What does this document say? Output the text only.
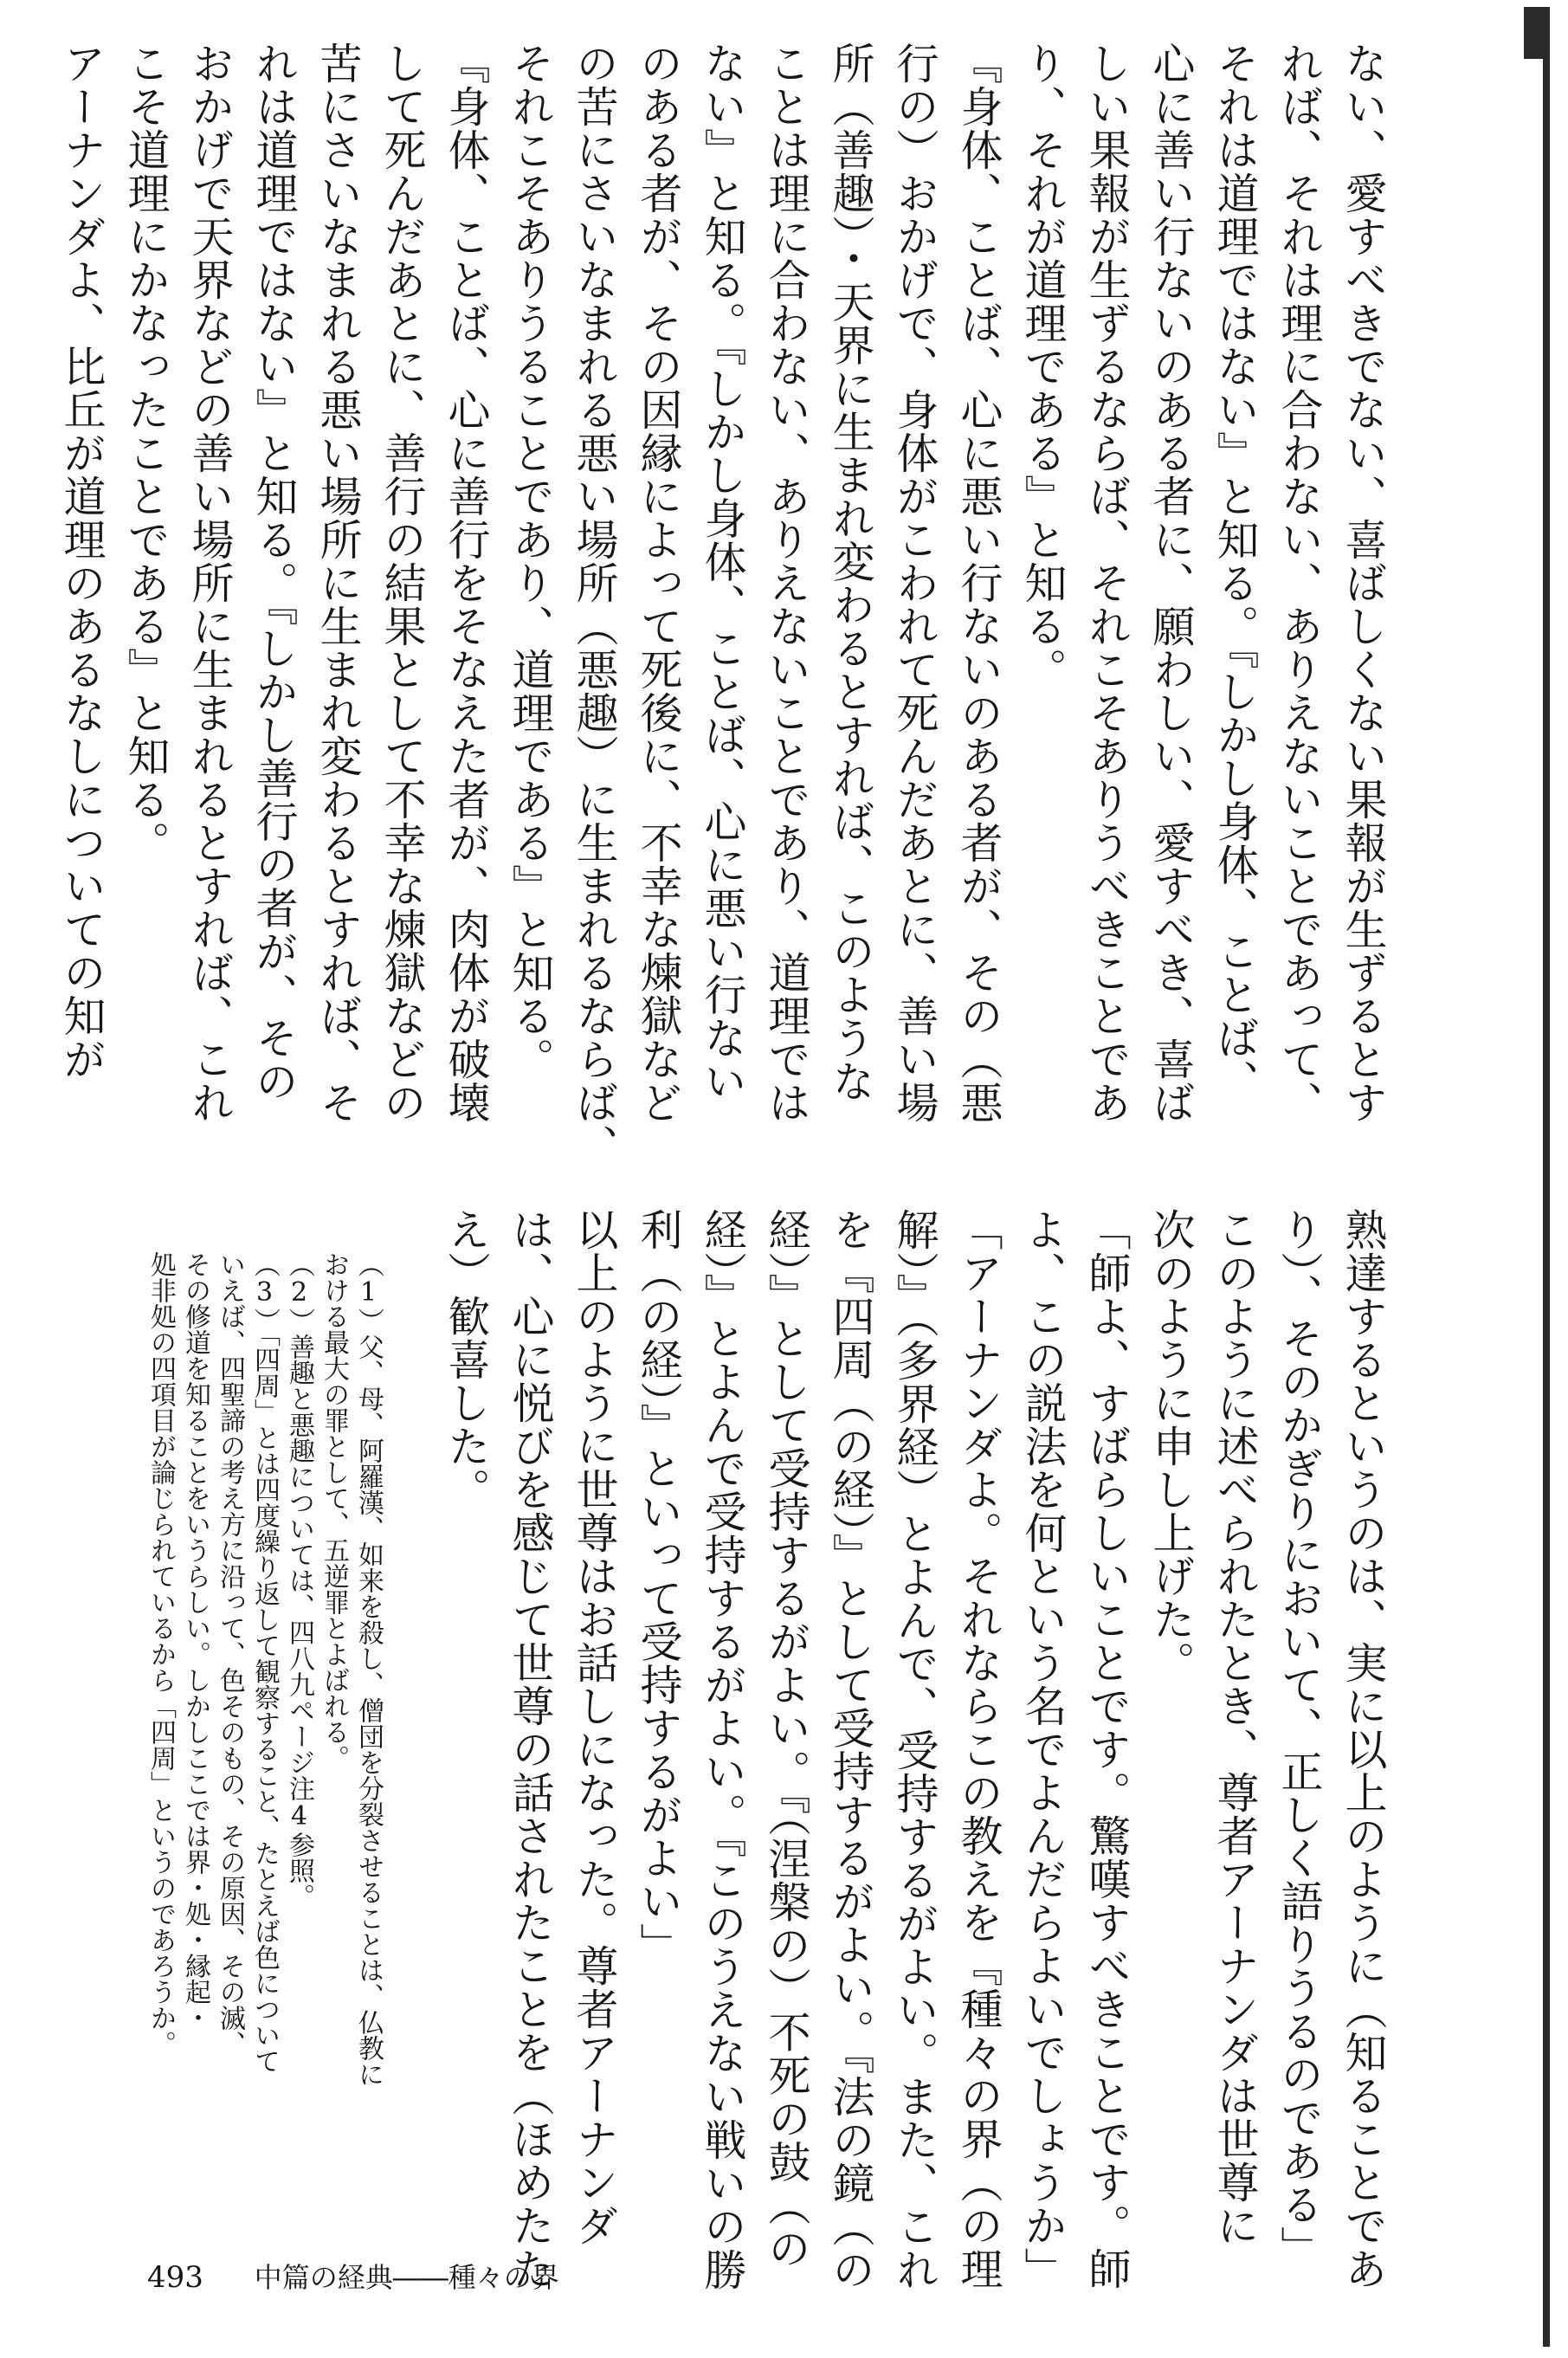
ない、愛すべきでない、喜ばしくない果報が生ずるとす
れば、それは理に合わない、ありえないことであって、
それは道理ではない』と知る。『しかし身体、ことば、
心に善い行ないのある者に、願わしい、愛すべき、喜ば
しい果報が生ずるならば、それこそありうべきことであ
り、それが道理である』と知る。
『身体、ことば、心に悪い行ないのある者が、その（悪
行の）おかげで、身体がこわれて死んだあとに、善い場
所（善趣）・天界に生まれ変わるとすれば、このような
ことは理に合わない、ありえないことであり、道理では
ない』と知る。『しかし身体、ことば、心に悪い行ない
のある者が、その因縁によって死後に、不幸な煉獄など
の苦にさいなまれる悪い場所（悪趣）に生まれるならば、
それこそありうることであり、道理である』と知る。
『身体、ことば、心に善行をそなえた者が、肉体が破壊
して死んだあとに、善行の結果として不幸な煉獄などの
苦にさいなまれる悪い場所に生まれ変わるとすれば、そ
れは道理ではない』と知る。『しかし善行の者が、その
おかげで天界などの善い場所に生まれるとすれば、これ
こそ道理にかなったことである』と知る。
アーナンダよ、比丘が道理のあるなしについての知が
熟達するというのは、実に以上のように（知ることであ
り）、そのかぎりにおいて、正しく語りうるのである」
このように述べられたとき、尊者アーナンダは世尊に
次のように申し上げた。
「師よ、すばらしいことです。驚嘆すべきことです。師
よ、この説法を何という名でよんだらよいでしょうか」
「アーナンダよ。それならこの教えを『種々の界（の理
解）』（多界経）とよんで、受持するがよい。また、これ
を『四周（の経）』として受持するがよい。『法の鏡（の
経）』として受持するがよい。『（涅槃の）不死の鼓（の
経）』とよんで受持するがよい。『このうえない戦いの勝
利（の経）』といって受持するがよい」
以上のように世尊はお話しになった。尊者アーナンダ
は、心に悦びを感じて世尊の話されたことを（ほめたた
え）歓喜した。
（1）父、母、阿羅漢、如来を殺し、僧団を分裂させることは、仏教に
おける最大の罪として、五逆罪とよばれる。
（2）善趣と悪趣については、四八九ページ注4参照。
（3）「四周」とは四度繰り返して観察すること、たとえば色について
いえば、四聖諦の考え方に沿って、色そのもの、その原因、その滅、
その修道を知ることをいうらしい。しかしここでは界・処・縁起・
処非処の四項目が論じられているから「四周」というのであろうか。
493 中篇の経典――種々の界
